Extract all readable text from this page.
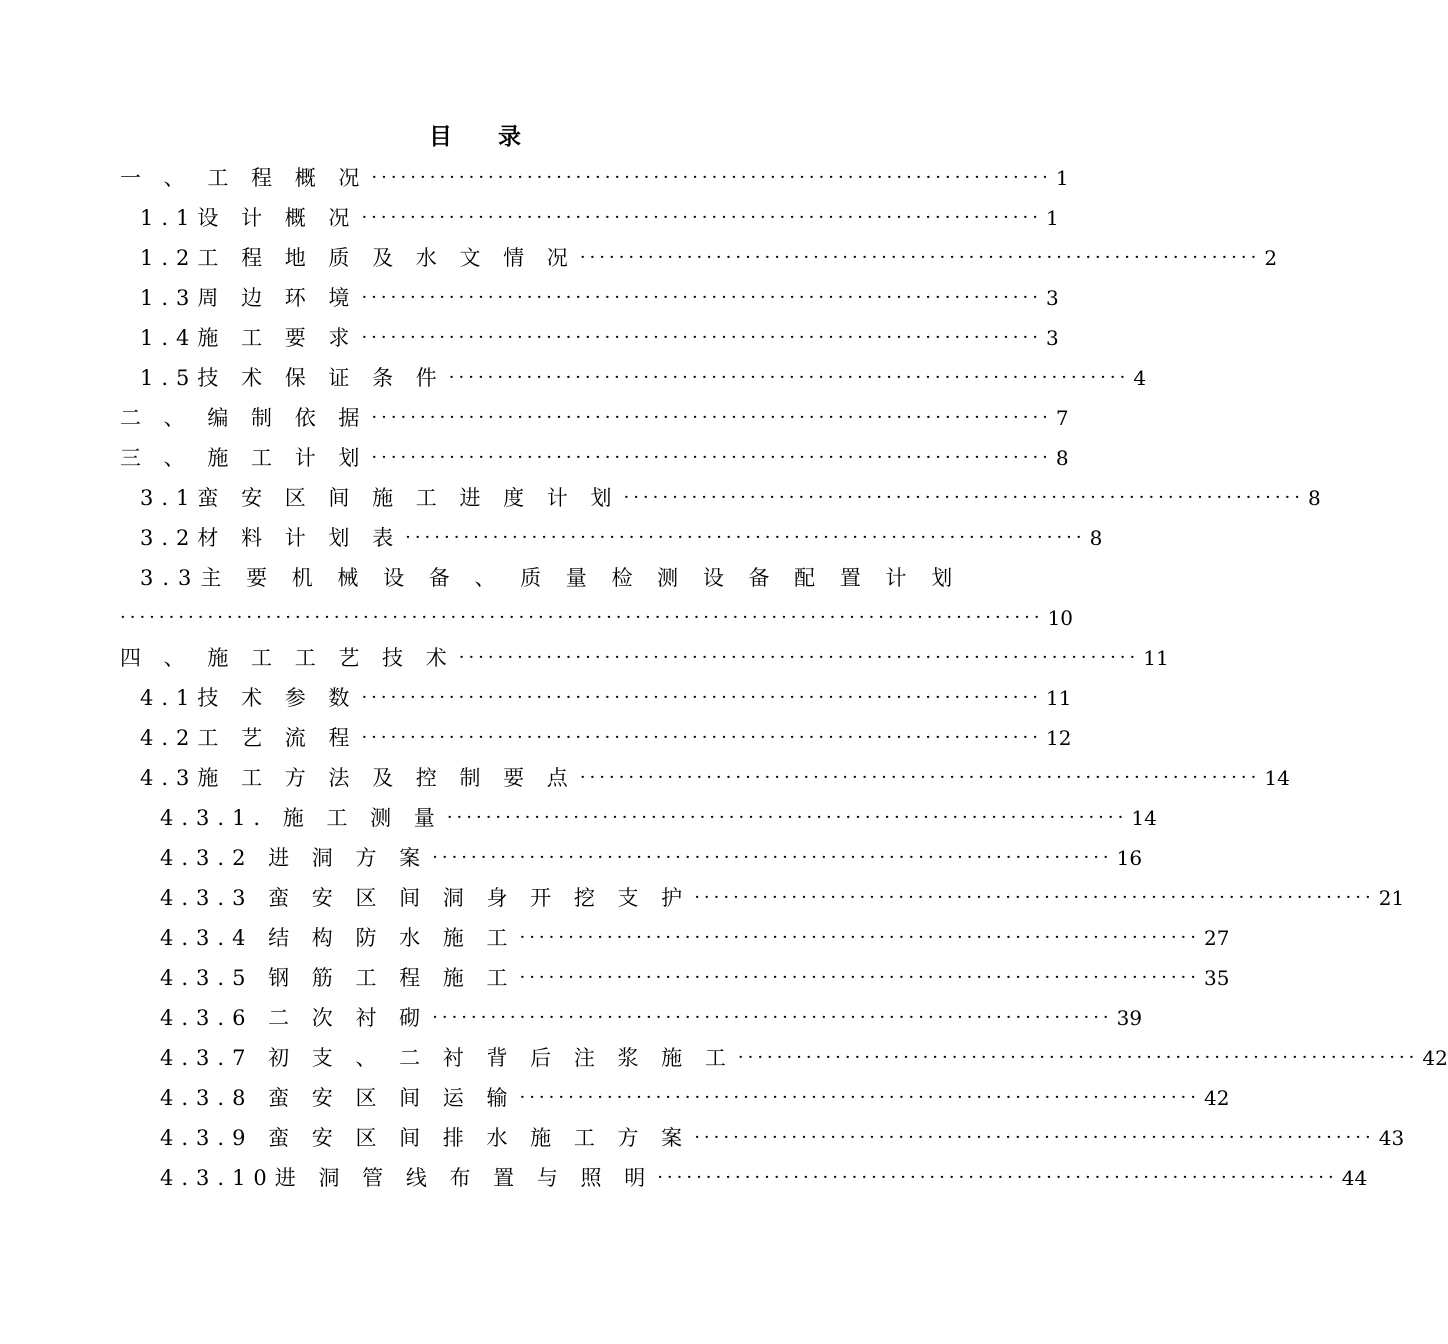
目 录
一 、 工 程 概 况 ······································································ 1
1.1设 计 概 况 ······································································ 1
1.2工 程 地 质 及 水 文 情 况 ······································································ 2
1.3周 边 环 境 ······································································ 3
1.4施 工 要 求 ······································································ 3
1.5技 术 保 证 条 件 ······································································ 4
二 、 编 制 依 据 ······································································ 7
三 、 施 工 计 划 ······································································ 8
3.1蛮 安 区 间 施 工 进 度 计 划 ······································································ 8
3.2材 料 计 划 表 ······································································ 8
3.3主 要 机 械 设 备 、 质 量 检 测 设 备 配 置 计 划
······························································································· 10
四 、 施 工 工 艺 技 术 ······································································ 11
4.1技 术 参 数 ······································································ 11
4.2工 艺 流 程 ······································································ 12
4.3施 工 方 法 及 控 制 要 点 ······································································ 14
4.3.1. 施 工 测 量 ······································································ 14
4.3.2 进 洞 方 案 ······································································ 16
4.3.3 蛮 安 区 间 洞 身 开 挖 支 护 ······································································ 21
4.3.4 结 构 防 水 施 工 ······································································ 27
4.3.5 钢 筋 工 程 施 工 ······································································ 35
4.3.6 二 次 衬 砌 ······································································ 39
4.3.7 初 支 、 二 衬 背 后 注 浆 施 工 ······································································ 42
4.3.8 蛮 安 区 间 运 输 ······································································ 42
4.3.9 蛮 安 区 间 排 水 施 工 方 案 ······································································ 43
4.3.10进 洞 管 线 布 置 与 照 明 ······································································ 44
